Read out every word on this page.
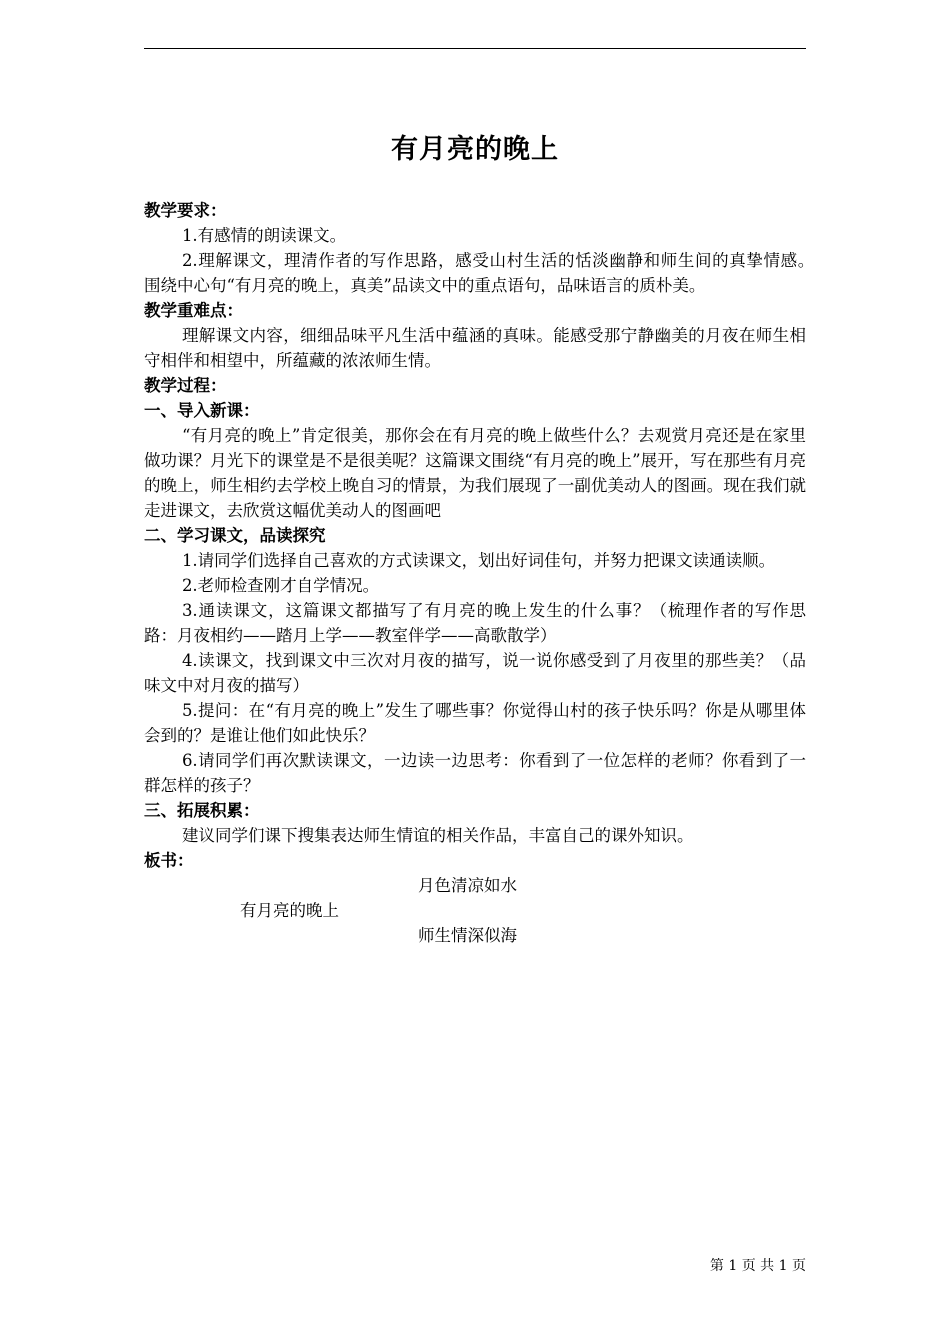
有月亮的晚上
教学要求：
1.有感情的朗读课文。
2.理解课文，理清作者的写作思路，感受山村生活的恬淡幽静和师生间的真挚情感。　　　　　　围绕中心句“有月亮的晚上，真美”品读文中的重点语句，品味语言的质朴美。
教学重难点：
理解课文内容，细细品味平凡生活中蕴涵的真味。能感受那宁静幽美的月夜在师生相守相伴和相望中，所蕴藏的浓浓师生情。
教学过程：
一、导入新课：
“有月亮的晚上”肯定很美，那你会在有月亮的晚上做些什么？去观赏月亮还是在家里做功课？月光下的课堂是不是很美呢？这篇课文围绕“有月亮的晚上”展开，写在那些有月亮的晚上，师生相约去学校上晚自习的情景，为我们展现了一副优美动人的图画。现在我们就走进课文，去欣赏这幅优美动人的图画吧
二、学习课文，品读探究
1.请同学们选择自己喜欢的方式读课文，划出好词佳句，并努力把课文读通读顺。
2.老师检查刚才自学情况。
3.通读课文，这篇课文都描写了有月亮的晚上发生的什么事？（梳理作者的写作思路：月夜相约——踏月上学——教室伴学——高歌散学）
4.读课文，找到课文中三次对月夜的描写，说一说你感受到了月夜里的那些美？（品味文中对月夜的描写）
5.提问：在“有月亮的晚上”发生了哪些事？你觉得山村的孩子快乐吗？你是从哪里体会到的？是谁让他们如此快乐？
6.请同学们再次默读课文，一边读一边思考：你看到了一位怎样的老师？你看到了一群怎样的孩子？
三、拓展积累：
建议同学们课下搜集表达师生情谊的相关作品，丰富自己的课外知识。
板书：
月色清凉如水
有月亮的晚上
师生情深似海
第 1 页 共 1 页
